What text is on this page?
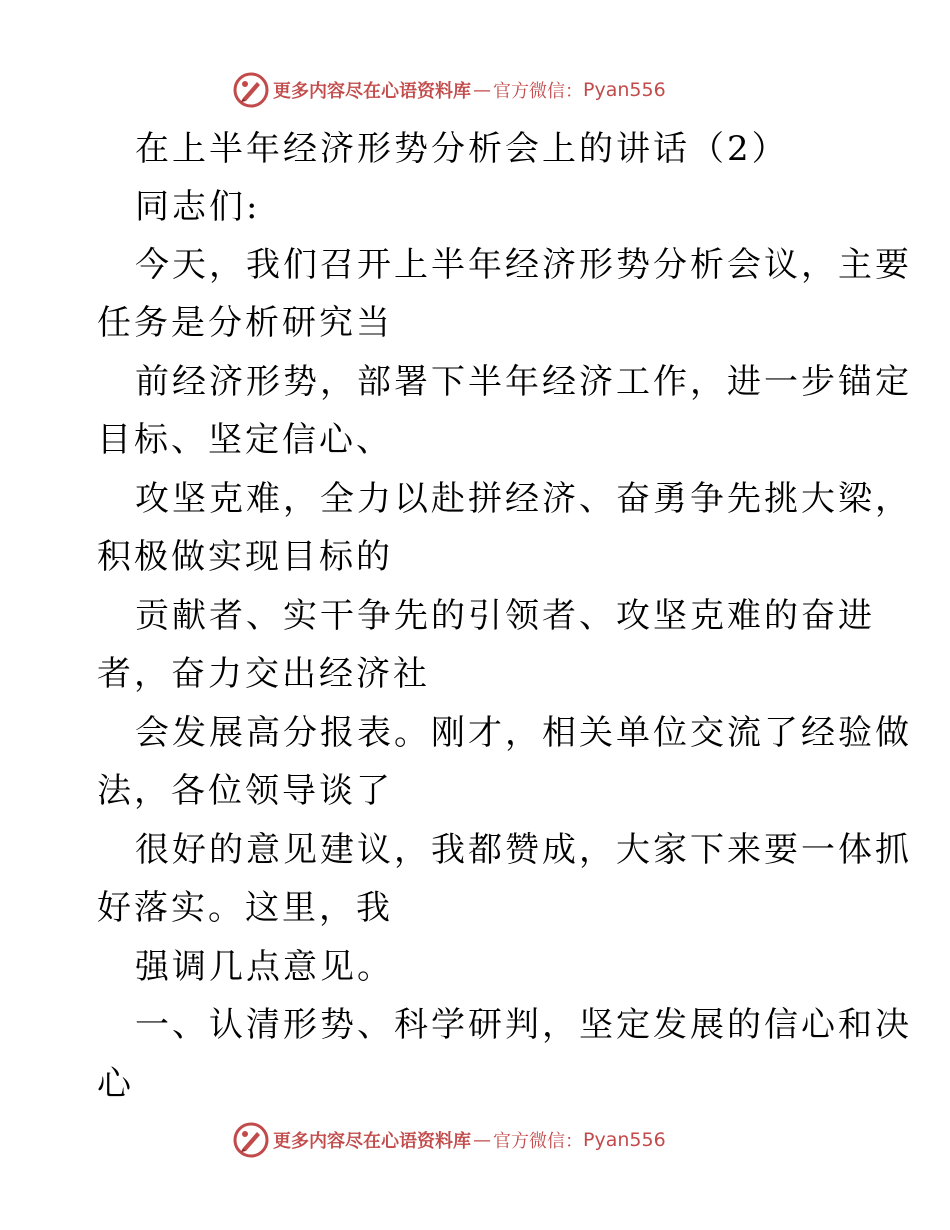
更多内容尽在心语资料库 — 官方微信： Pyan556
在上半年经济形势分析会上的讲话（2）
同志们:
今天，我们召开上半年经济形势分析会议，主要
任务是分析研究当
前经济形势，部署下半年经济工作，进一步锚定
目标、坚定信心、
攻坚克难，全力以赴拼经济、奋勇争先挑大梁，
积极做实现目标的
贡献者、实干争先的引领者、攻坚克难的奋进
者，奋力交出经济社
会发展高分报表。刚才，相关单位交流了经验做
法，各位领导谈了
很好的意见建议，我都赞成，大家下来要一体抓
好落实。这里，我
强调几点意见。
一、认清形势、科学研判，坚定发展的信心和决
心
更多内容尽在心语资料库 — 官方微信： Pyan556
